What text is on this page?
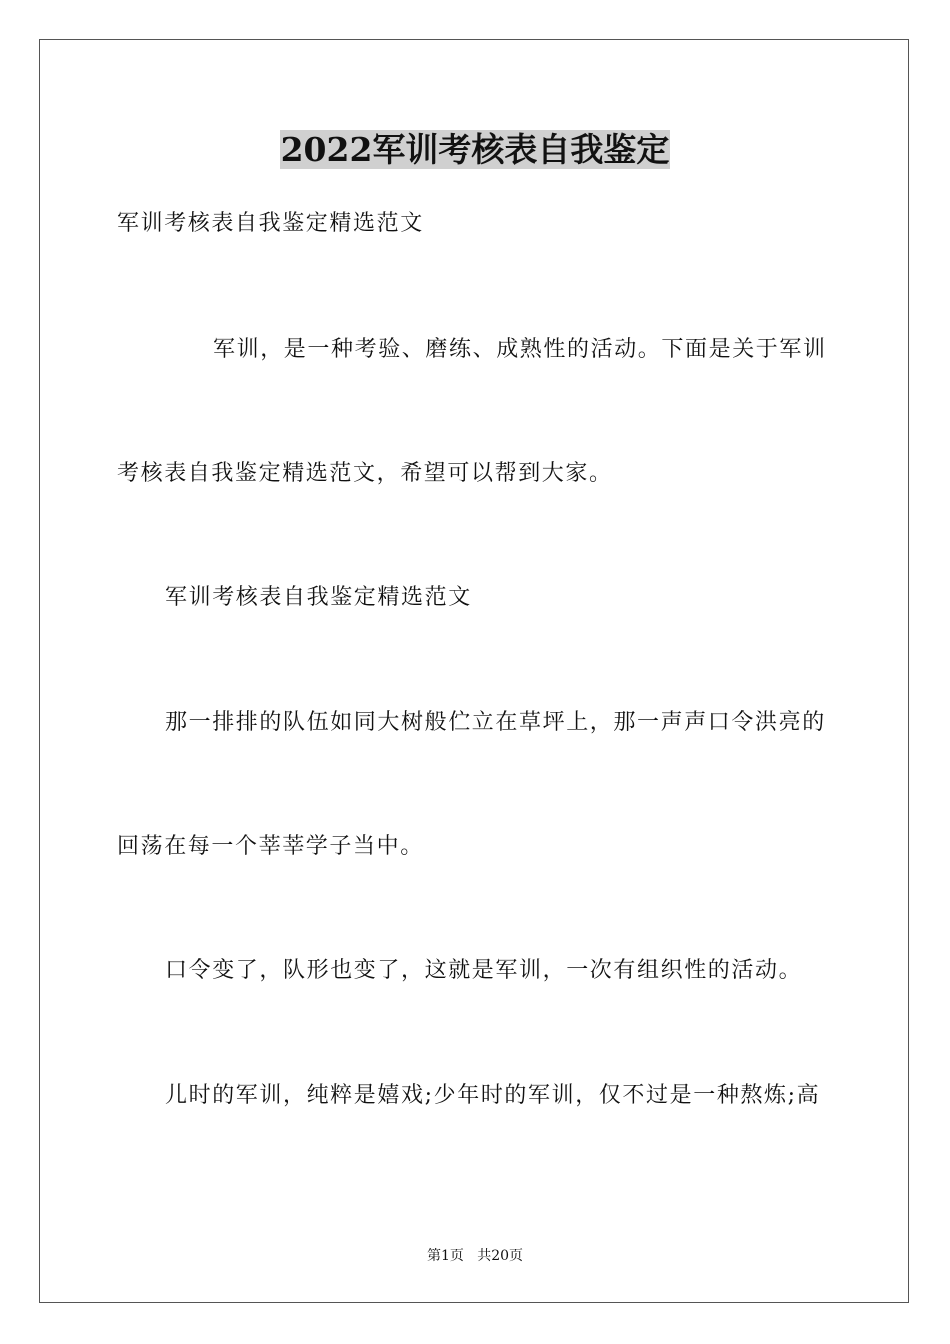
2022军训考核表自我鉴定
军训考核表自我鉴定精选范文
军训，是一种考验、磨练、成熟性的活动。下面是关于军训
考核表自我鉴定精选范文，希望可以帮到大家。
军训考核表自我鉴定精选范文
那一排排的队伍如同大树般伫立在草坪上，那一声声口令洪亮的
回荡在每一个莘莘学子当中。
口令变了，队形也变了，这就是军训，一次有组织性的活动。
儿时的军训，纯粹是嬉戏;少年时的军训，仅不过是一种熬炼;高
第1页   共20页
